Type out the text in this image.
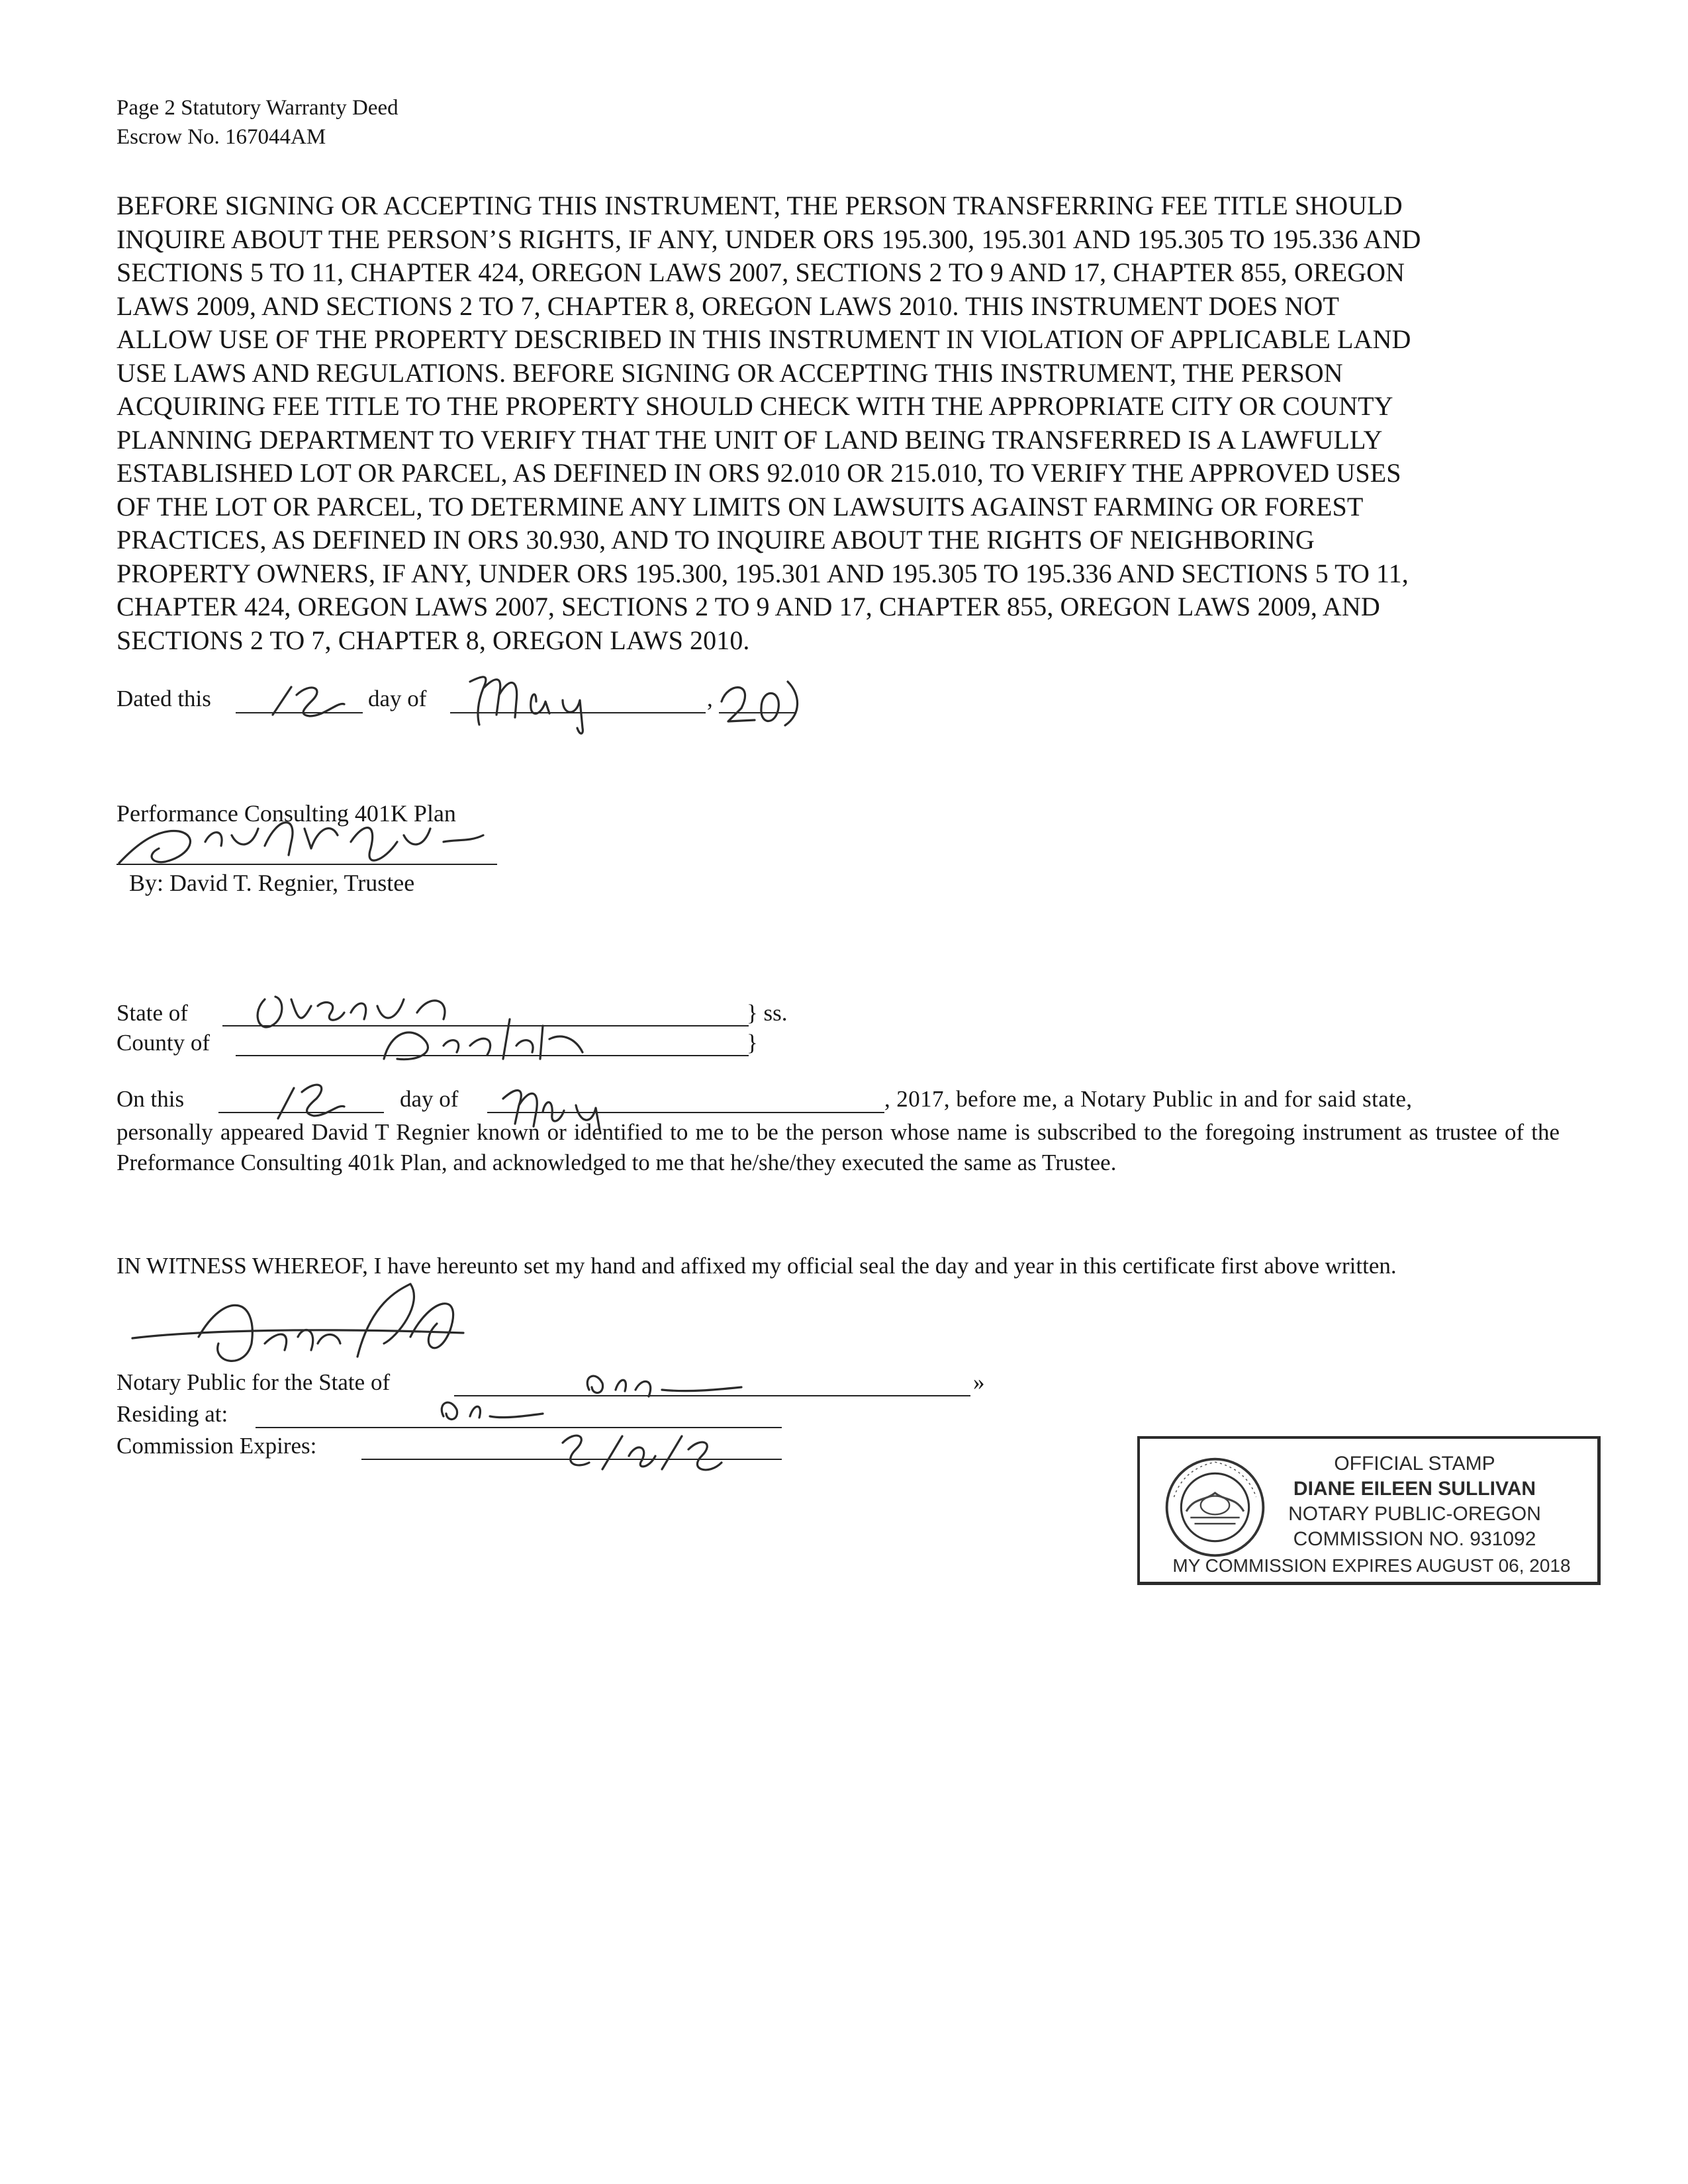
Page 2 Statutory Warranty Deed
Escrow No. 167044AM
BEFORE SIGNING OR ACCEPTING THIS INSTRUMENT, THE PERSON TRANSFERRING FEE TITLE SHOULD
INQUIRE ABOUT THE PERSON’S RIGHTS, IF ANY, UNDER ORS 195.300, 195.301 AND 195.305 TO 195.336 AND
SECTIONS 5 TO 11, CHAPTER 424, OREGON LAWS 2007, SECTIONS 2 TO 9 AND 17, CHAPTER 855, OREGON
LAWS 2009, AND SECTIONS 2 TO 7, CHAPTER 8, OREGON LAWS 2010. THIS INSTRUMENT DOES NOT
ALLOW USE OF THE PROPERTY DESCRIBED IN THIS INSTRUMENT IN VIOLATION OF APPLICABLE LAND
USE LAWS AND REGULATIONS. BEFORE SIGNING OR ACCEPTING THIS INSTRUMENT, THE PERSON
ACQUIRING FEE TITLE TO THE PROPERTY SHOULD CHECK WITH THE APPROPRIATE CITY OR COUNTY
PLANNING DEPARTMENT TO VERIFY THAT THE UNIT OF LAND BEING TRANSFERRED IS A LAWFULLY
ESTABLISHED LOT OR PARCEL, AS DEFINED IN ORS 92.010 OR 215.010, TO VERIFY THE APPROVED USES
OF THE LOT OR PARCEL, TO DETERMINE ANY LIMITS ON LAWSUITS AGAINST FARMING OR FOREST
PRACTICES, AS DEFINED IN ORS 30.930, AND TO INQUIRE ABOUT THE RIGHTS OF NEIGHBORING
PROPERTY OWNERS, IF ANY, UNDER ORS 195.300, 195.301 AND 195.305 TO 195.336 AND SECTIONS 5 TO 11,
CHAPTER 424, OREGON LAWS 2007, SECTIONS 2 TO 9 AND 17, CHAPTER 855, OREGON LAWS 2009, AND
SECTIONS 2 TO 7, CHAPTER 8, OREGON LAWS 2010.
Dated this	day of	,
Performance Consulting 401K Plan
By: David T. Regnier, Trustee
State of	} ss.
County of	}
On this	day of	, 2017, before me, a Notary Public in and for said state,
personally appeared David T Regnier known or identified to me to be the person whose name is subscribed to the foregoing instrument as trustee of the Preformance Consulting 401k Plan, and acknowledged to me that he/she/they executed the same as Trustee.
IN WITNESS WHEREOF, I have hereunto set my hand and affixed my official seal the day and year in this certificate first above written.
Notary Public for the State of	»
Residing at:
Commission Expires:
OFFICIAL STAMP
DIANE EILEEN SULLIVAN
NOTARY PUBLIC-OREGON
COMMISSION NO. 931092
MY COMMISSION EXPIRES AUGUST 06, 2018
